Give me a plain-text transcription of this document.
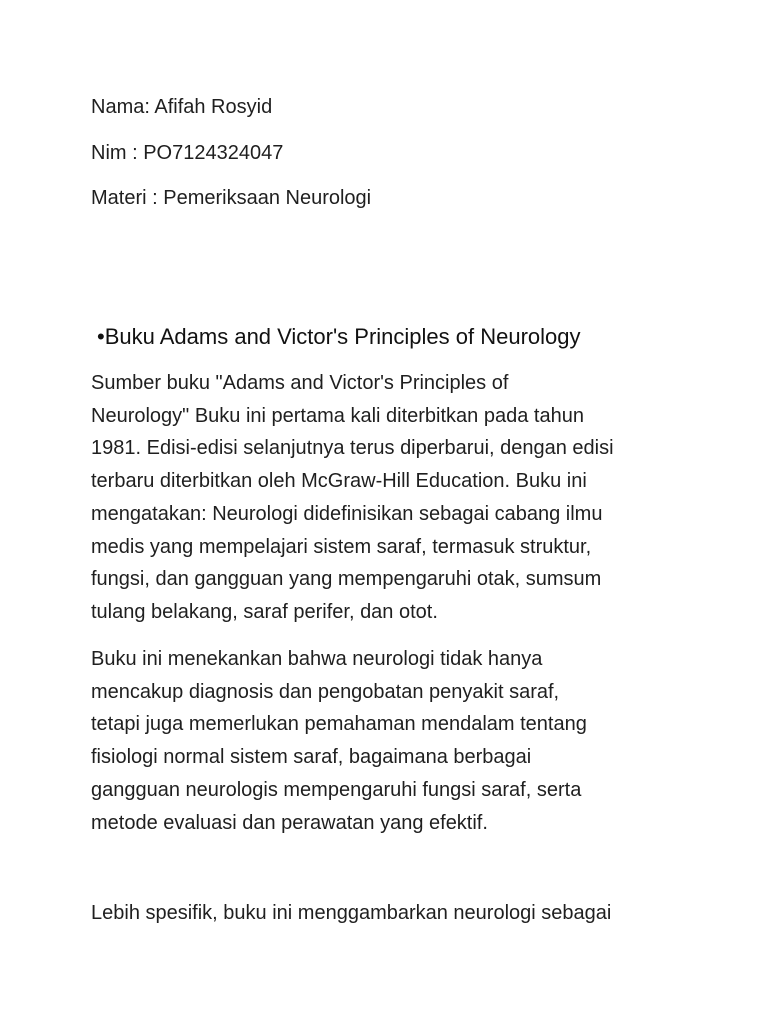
Nama: Afifah Rosyid
Nim : PO7124324047
Materi : Pemeriksaan Neurologi
•Buku Adams and Victor's Principles of Neurology

Sumber buku "Adams and Victor's Principles of
Neurology" Buku ini pertama kali diterbitkan pada tahun
1981. Edisi-edisi selanjutnya terus diperbarui, dengan edisi
terbaru diterbitkan oleh McGraw-Hill Education. Buku ini
mengatakan: Neurologi didefinisikan sebagai cabang ilmu
medis yang mempelajari sistem saraf, termasuk struktur,
fungsi, dan gangguan yang mempengaruhi otak, sumsum
tulang belakang, saraf perifer, dan otot.

Buku ini menekankan bahwa neurologi tidak hanya
mencakup diagnosis dan pengobatan penyakit saraf,
tetapi juga memerlukan pemahaman mendalam tentang
fisiologi normal sistem saraf, bagaimana berbagai
gangguan neurologis mempengaruhi fungsi saraf, serta
metode evaluasi dan perawatan yang efektif.

Lebih spesifik, buku ini menggambarkan neurologi sebagai
